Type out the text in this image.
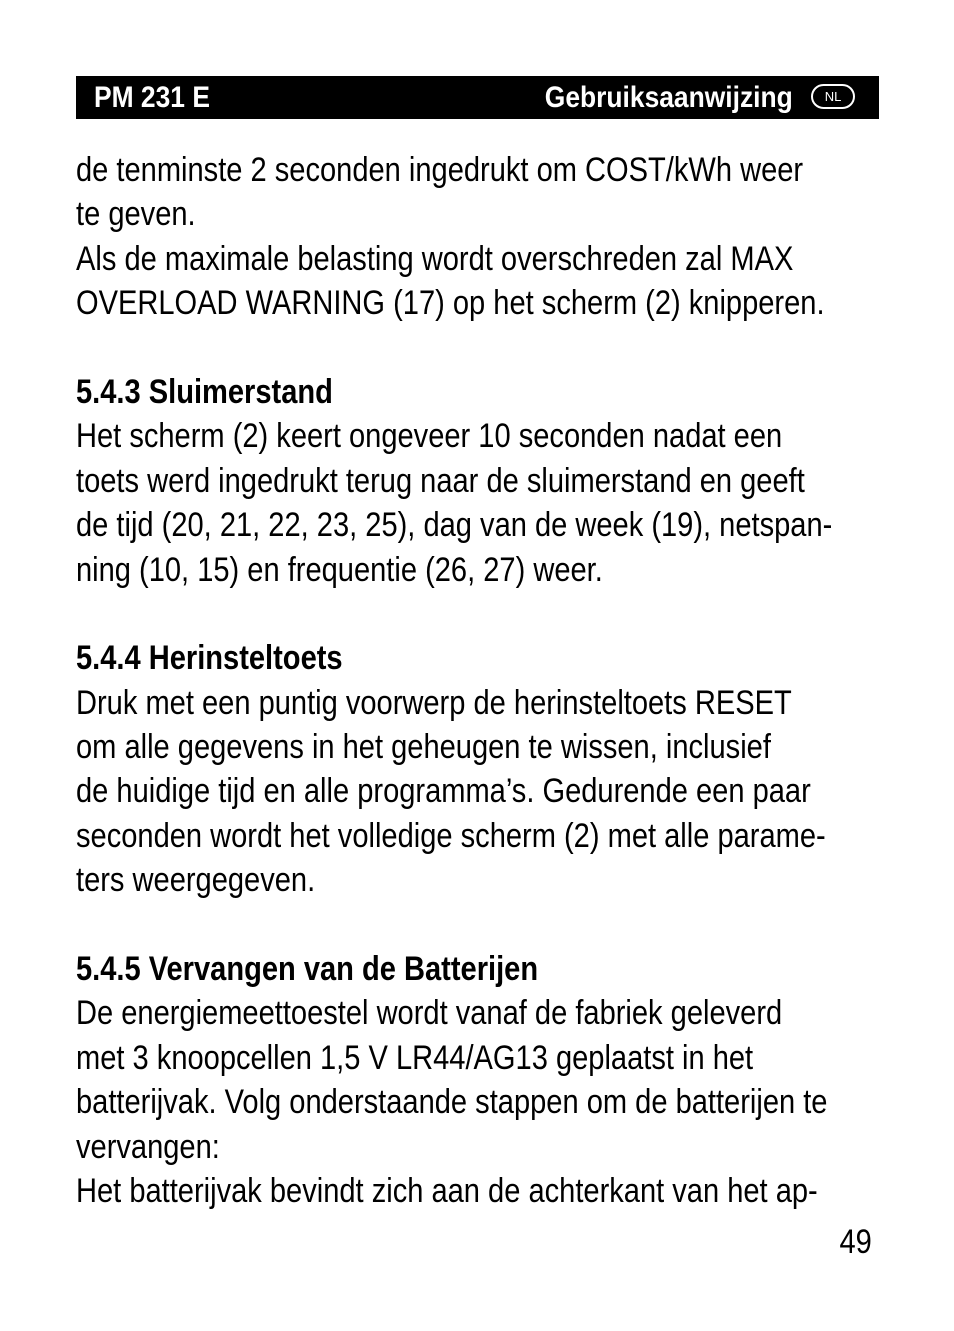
PM 231 E	Gebruiksaanwijzing	NL
de tenminste 2 seconden ingedrukt om COST/kWh weer
te geven.
Als de maximale belasting wordt overschreden zal MAX
OVERLOAD WARNING (17) op het scherm (2) knipperen.
5.4.3 Sluimerstand
Het scherm (2) keert ongeveer 10 seconden nadat een
toets werd ingedrukt terug naar de sluimerstand en geeft
de tijd (20, 21, 22, 23, 25), dag van de week (19), netspan-
ning (10, 15) en frequentie (26, 27) weer.
5.4.4 Herinsteltoets
Druk met een puntig voorwerp de herinsteltoets RESET
om alle gegevens in het geheugen te wissen, inclusief
de huidige tijd en alle programma’s. Gedurende een paar
seconden wordt het volledige scherm (2) met alle parame-
ters weergegeven.
5.4.5 Vervangen van de Batterijen
De energiemeettoestel wordt vanaf de fabriek geleverd
met 3 knoopcellen 1,5 V LR44/AG13 geplaatst in het
batterijvak. Volg onderstaande stappen om de batterijen te
vervangen:
Het batterijvak bevindt zich aan de achterkant van het ap-
49
